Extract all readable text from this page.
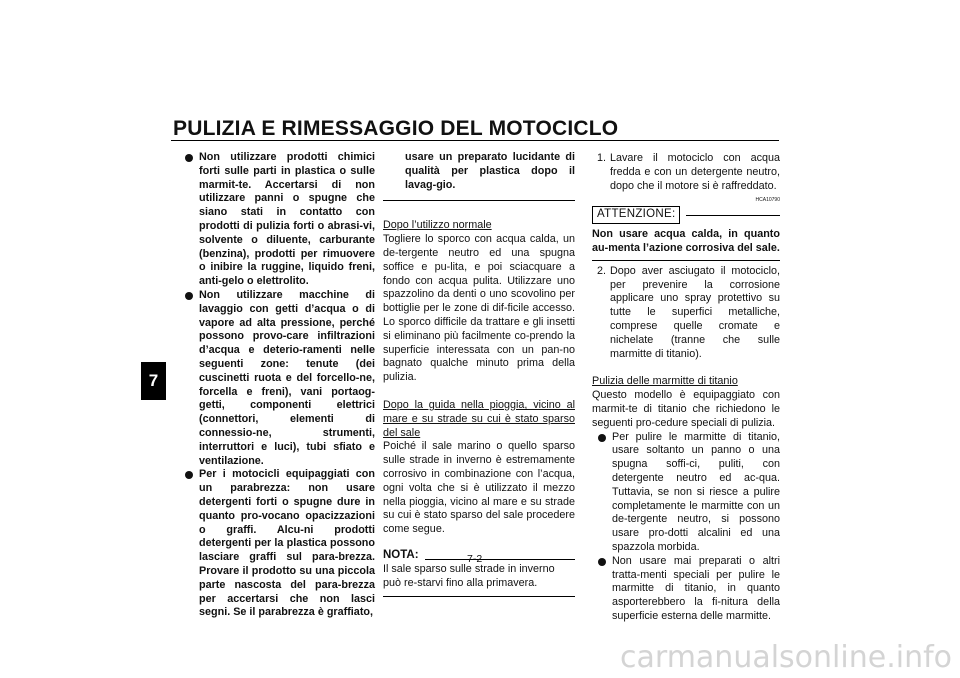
PULIZIA E RIMESSAGGIO DEL MOTOCICLO
7
Non utilizzare prodotti chimici forti sulle parti in plastica o sulle marmit-te. Accertarsi di non utilizzare panni o spugne che siano stati in contatto con prodotti di pulizia forti o abrasi-vi, solvente o diluente, carburante (benzina), prodotti per rimuovere o inibire la ruggine, liquido freni, anti-gelo o elettrolito.
Non utilizzare macchine di lavaggio con getti d’acqua o di vapore ad alta pressione, perché possono provo-care infiltrazioni d’acqua e deterio-ramenti nelle seguenti zone: tenute (dei cuscinetti ruota e del forcello-ne, forcella e freni), vani portaog-getti, componenti elettrici (connettori, elementi di connessio-ne, strumenti, interruttori e luci), tubi sfiato e ventilazione.
Per i motocicli equipaggiati con un parabrezza: non usare detergenti forti o spugne dure in quanto pro-vocano opacizzazioni o graffi. Alcu-ni prodotti detergenti per la plastica possono lasciare graffi sul para-brezza. Provare il prodotto su una piccola parte nascosta del para-brezza per accertarsi che non lasci segni. Se il parabrezza è graffiato,
usare un preparato lucidante di qualità per plastica dopo il lavag-gio.
Dopo l’utilizzo normale
Togliere lo sporco con acqua calda, un de-tergente neutro ed una spugna soffice e pu-lita, e poi sciacquare a fondo con acqua pulita. Utilizzare uno spazzolino da denti o uno scovolino per bottiglie per le zone di dif-ficile accesso. Lo sporco difficile da trattare e gli insetti si eliminano più facilmente co-prendo la superficie interessata con un pan-no bagnato qualche minuto prima della pulizia.
Dopo la guida nella pioggia, vicino al mare e su strade su cui è stato sparso del sale
Poiché il sale marino o quello sparso sulle strade in inverno è estremamente corrosivo in combinazione con l’acqua, ogni volta che si è utilizzato il mezzo nella pioggia, vicino al mare e su strade su cui è stato sparso del sale procedere come segue.
NOTA:
Il sale sparso sulle strade in inverno può re-starvi fino alla primavera.
1. Lavare il motociclo con acqua fredda e con un detergente neutro, dopo che il motore si è raffreddato.
HCA10790
ATTENZIONE:
Non usare acqua calda, in quanto au-menta l’azione corrosiva del sale.
2. Dopo aver asciugato il motociclo, per prevenire la corrosione applicare uno spray protettivo su tutte le superfici metalliche, comprese quelle cromate e nichelate (tranne che sulle marmitte di titanio).
Pulizia delle marmitte di titanio
Questo modello è equipaggiato con marmit-te di titanio che richiedono le seguenti pro-cedure speciali di pulizia.
Per pulire le marmitte di titanio, usare soltanto un panno o una spugna soffi-ci, puliti, con detergente neutro ed ac-qua. Tuttavia, se non si riesce a pulire completamente le marmitte con un de-tergente neutro, si possono usare pro-dotti alcalini ed una spazzola morbida.
Non usare mai preparati o altri tratta-menti speciali per pulire le marmitte di titanio, in quanto asporterebbero la fi-nitura della superficie esterna delle marmitte.
7-2
carmanualsonline.info
